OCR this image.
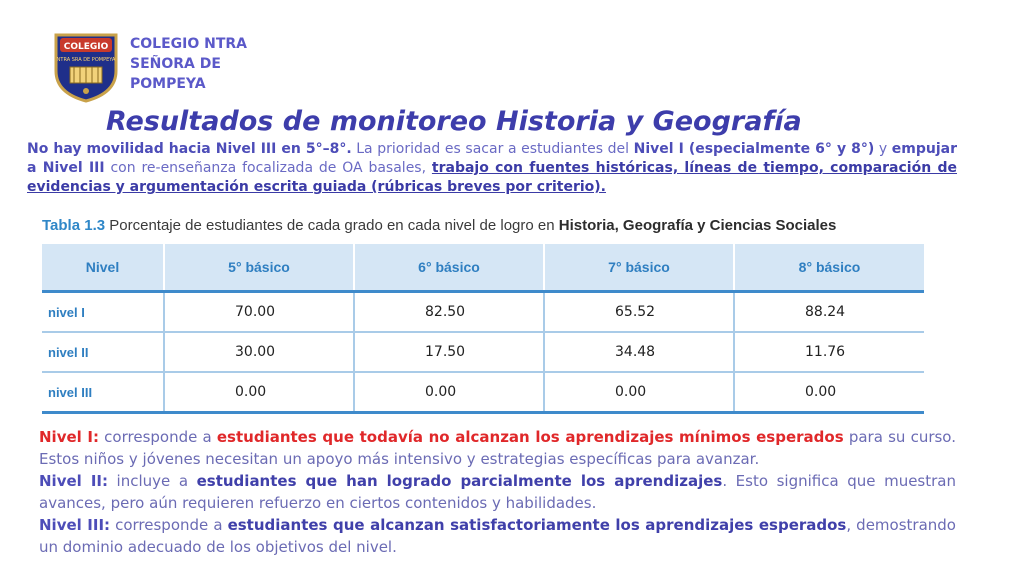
COLEGIO
NTRA SRA DE POMPEYA
COLEGIO NTRA
SEÑORA DE
POMPEYA
Resultados de monitoreo Historia y Geografía
No hay movilidad hacia Nivel III en 5°–8°. La prioridad es sacar a estudiantes del Nivel I (especialmente 6° y 8°) y empujar a Nivel III con re-enseñanza focalizada de OA basales, trabajo con fuentes históricas, líneas de tiempo, comparación de evidencias y argumentación escrita guiada (rúbricas breves por criterio).
Tabla 1.3 Porcentaje de estudiantes de cada grado en cada nivel de logro en Historia, Geografía y Ciencias Sociales
Nivel	5° básico	6° básico	7° básico	8° básico
nivel I	70.00	82.50	65.52	88.24
nivel II	30.00	17.50	34.48	11.76
nivel III	0.00	0.00	0.00	0.00

Nivel I: corresponde a estudiantes que todavía no alcanzan los aprendizajes mínimos esperados para su curso. Estos niños y jóvenes necesitan un apoyo más intensivo y estrategias específicas para avanzar.

Nivel II: incluye a estudiantes que han logrado parcialmente los aprendizajes. Esto significa que muestran avances, pero aún requieren refuerzo en ciertos contenidos y habilidades.

Nivel III: corresponde a estudiantes que alcanzan satisfactoriamente los aprendizajes esperados, demostrando un dominio adecuado de los objetivos del nivel.
